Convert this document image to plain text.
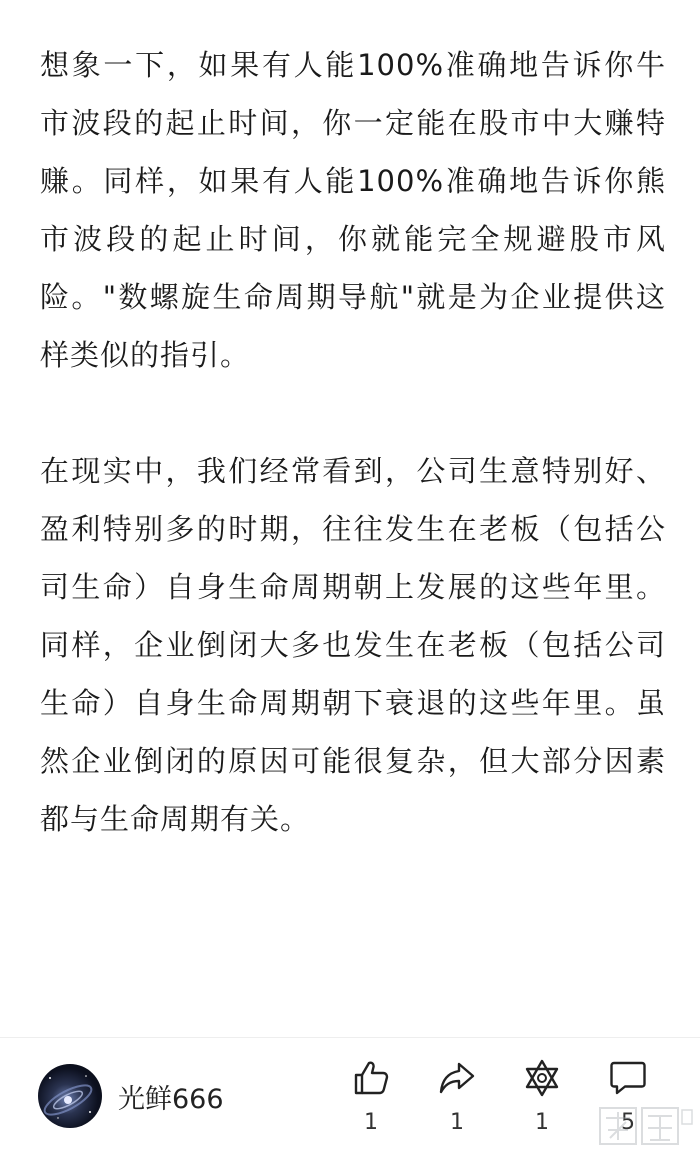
想象一下，如果有人能100%准确地告诉你牛市波段的起止时间，你一定能在股市中大赚特赚。同样，如果有人能100%准确地告诉你熊市波段的起止时间，你就能完全规避股市风险。"数螺旋生命周期导航"就是为企业提供这样类似的指引。

在现实中，我们经常看到，公司生意特别好、盈利特别多的时期，往往发生在老板（包括公司生命）自身生命周期朝上发展的这些年里。同样，企业倒闭大多也发生在老板（包括公司生命）自身生命周期朝下衰退的这些年里。虽然企业倒闭的原因可能很复杂，但大部分因素都与生命周期有关。

光鲜666
1	1	1	5
